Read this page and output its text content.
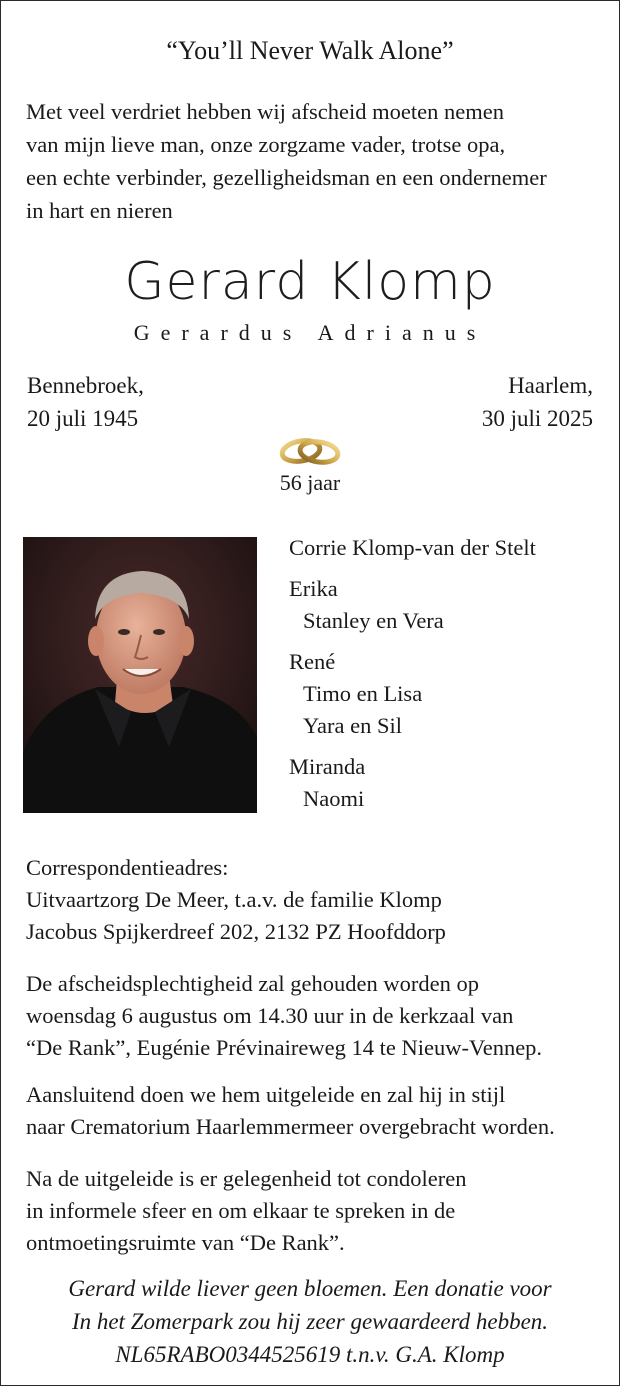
“You’ll Never Walk Alone”
Met veel verdriet hebben wij afscheid moeten nemen
van mijn lieve man, onze zorgzame vader, trotse opa,
een echte verbinder, gezelligheidsman en een ondernemer
in hart en nieren
Gerard Klomp
Gerardus Adrianus
Bennebroek,
20 juli 1945
Haarlem,
30 juli 2025
56 jaar
Corrie Klomp-van der Stelt
Erika
Stanley en Vera
René
Timo en Lisa
Yara en Sil
Miranda
Naomi
Correspondentieadres:
Uitvaartzorg De Meer, t.a.v. de familie Klomp
Jacobus Spijkerdreef 202, 2132 PZ Hoofddorp
De afscheidsplechtigheid zal gehouden worden op
woensdag 6 augustus om 14.30 uur in de kerkzaal van
“De Rank”, Eugénie Prévinaireweg 14 te Nieuw-Vennep.
Aansluitend doen we hem uitgeleide en zal hij in stijl
naar Crematorium Haarlemmermeer overgebracht worden.
Na de uitgeleide is er gelegenheid tot condoleren
in informele sfeer en om elkaar te spreken in de
ontmoetingsruimte van “De Rank”.
Gerard wilde liever geen bloemen. Een donatie voor
In het Zomerpark zou hij zeer gewaardeerd hebben.
NL65RABO0344525619 t.n.v. G.A. Klomp
